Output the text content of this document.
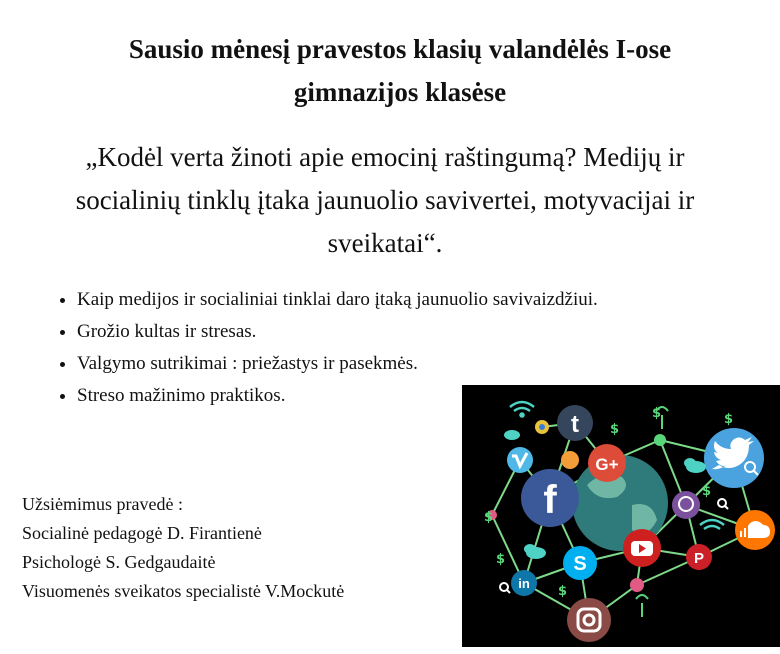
Sausio mėnesį pravestos klasių valandėlės I-ose
gimnazijos klasėse
„Kodėl verta žinoti apie emocinį raštingumą? Medijų ir
socialinių tinklų įtaka jaunuolio savivertei, motyvacijai ir
sveikatai“.
• Kaip medijos ir socialiniai tinklai daro įtaką jaunuolio savivaizdžiui.
• Grožio kultas ir stresas.
• Valgymo sutrikimai : priežastys ir pasekmės.
• Streso mažinimo praktikos.
Užsiėmimus pravedė :
Socialinė pedagogė D. Firantienė
Psichologė S. Gedgaudaitė
Visuomenės sveikatos specialistė V.Mockutė
f
G+
t
S	P
in
$
$
$
$
$
$
$
